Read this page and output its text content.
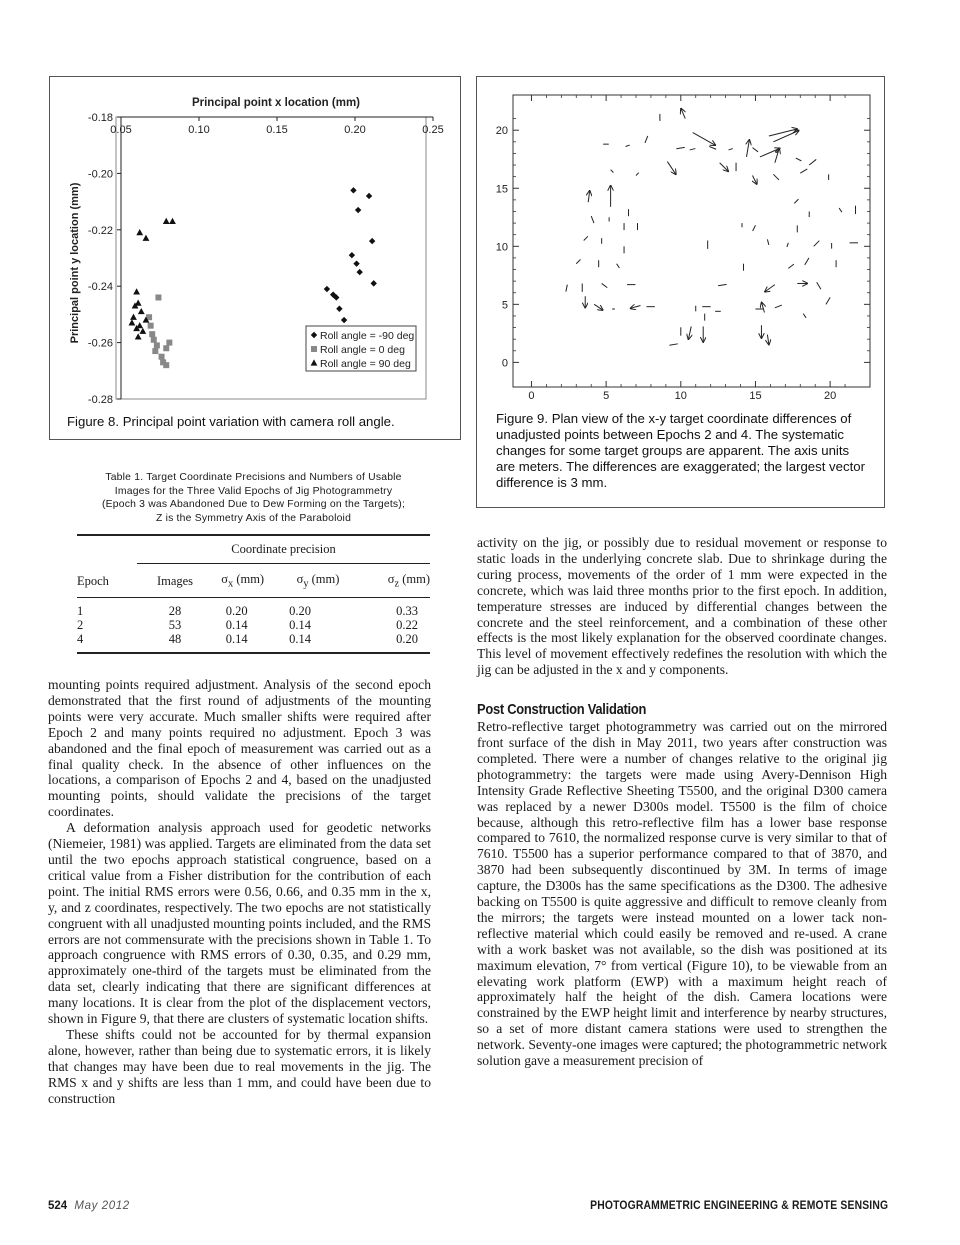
Principal point x location (mm)
Principal point y location (mm)
0.05	0.10	0.15	0.20	0.25
-0.18
-0.20
-0.22
-0.24
-0.26
-0.28
Roll angle = -90 deg
Roll angle = 0 deg
Roll angle = 90 deg
Figure 8. Principal point variation with camera roll angle.
0
0
5
5
10
10
15
15
20
20
Figure 9. Plan view of the x-y target coordinate differences of unadjusted points between Epochs 2 and 4. The systematic changes for some target groups are apparent. The axis units are meters. The differences are exaggerated; the largest vector difference is 3 mm.
Table 1. Target Coordinate Precisions and Numbers of Usable
Images for the Three Valid Epochs of Jig Photogrammetry
(Epoch 3 was Abandoned Due to Dew Forming on the Targets);
Z is the Symmetry Axis of the Paraboloid
Coordinate precision
Epoch	Images	$\sigma_x$ (mm)	$\sigma_y$ (mm)	$\sigma_z$ (mm)
1	28	0.20	0.20	0.33
2	53	0.14	0.14	0.22
4	48	0.14	0.14	0.20

mounting points required adjustment. Analysis of the second epoch demonstrated that the first round of adjustments of the mounting points were very accurate. Much smaller shifts were required after Epoch 2 and many points required no adjustment. Epoch 3 was abandoned and the final epoch of measurement was carried out as a final quality check. In the absence of other influences on the locations, a comparison of Epochs 2 and 4, based on the unadjusted mounting points, should validate the precisions of the target coordinates.

A deformation analysis approach used for geodetic networks (Niemeier, 1981) was applied. Targets are eliminated from the data set until the two epochs approach statistical congruence, based on a critical value from a Fisher distribution for the contribution of each point. The initial RMS errors were 0.56, 0.66, and 0.35 mm in the x, y, and z coordinates, respectively. The two epochs are not statistically congruent with all unadjusted mounting points included, and the RMS errors are not commensurate with the precisions shown in Table 1. To approach congruence with RMS errors of 0.30, 0.35, and 0.29 mm, approximately one-third of the targets must be eliminated from the data set, clearly indicating that there are significant differences at many locations. It is clear from the plot of the displacement vectors, shown in Figure 9, that there are clusters of systematic location shifts.

These shifts could not be accounted for by thermal expansion alone, however, rather than being due to systematic errors, it is likely that changes may have been due to real movements in the jig. The RMS x and y shifts are less than 1 mm, and could have been due to construction

activity on the jig, or possibly due to residual movement or response to static loads in the underlying concrete slab. Due to shrinkage during the curing process, movements of the order of 1 mm were expected in the concrete, which was laid three months prior to the first epoch. In addition, temperature stresses are induced by differential changes between the concrete and the steel reinforcement, and a combination of these other effects is the most likely explanation for the observed coordinate changes. This level of movement effectively redefines the resolution with which the jig can be adjusted in the x and y components.

Post Construction Validation

Retro-reflective target photogrammetry was carried out on the mirrored front surface of the dish in May 2011, two years after construction was completed. There were a number of changes relative to the original jig photogrammetry: the targets were made using Avery-Dennison High Intensity Grade Reflective Sheeting T5500, and the original D300 camera was replaced by a newer D300s model. T5500 is the film of choice because, although this retro-reflective film has a lower base response compared to 7610, the normalized response curve is very similar to that of 7610. T5500 has a superior performance compared to that of 3870, and 3870 had been subsequently discontinued by 3M. In terms of image capture, the D300s has the same specifications as the D300. The adhesive backing on T5500 is quite aggressive and difficult to remove cleanly from the mirrors; the targets were instead mounted on a lower tack non-reflective material which could easily be removed and re-used. A crane with a work basket was not available, so the dish was positioned at its maximum elevation, 7° from vertical (Figure 10), to be viewable from an elevating work platform (EWP) with a maximum height reach of approximately half the height of the dish. Camera locations were constrained by the EWP height limit and interference by nearby structures, so a set of more distant camera stations were used to strengthen the network. Seventy-one images were captured; the photogrammetric network solution gave a measurement precision of

524 May 2012	PHOTOGRAMMETRIC ENGINEERING & REMOTE SENSING
